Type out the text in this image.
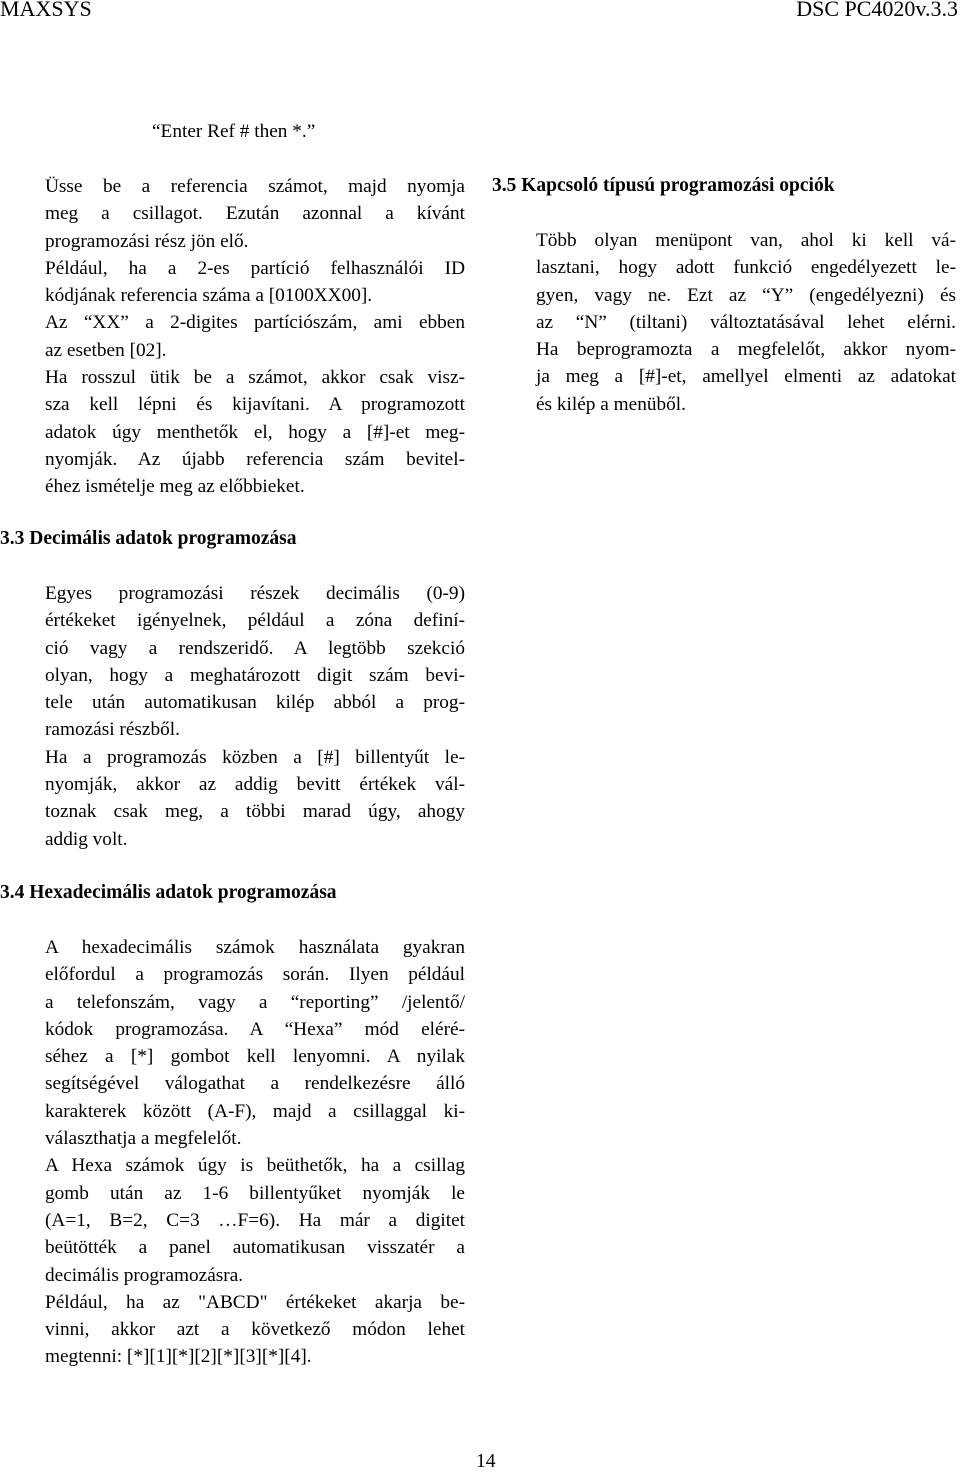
MAXSYS	DSC PC4020v.3.3
“Enter Ref # then *.”
Üsse be a referencia számot, majd nyomja
meg a csillagot. Ezután azonnal a kívánt
programozási rész jön elő.
Például, ha a 2-es partíció felhasználói ID
kódjának referencia száma a [0100XX00].
Az “XX” a 2-digites partíciószám, ami ebben
az esetben [02].
Ha rosszul ütik be a számot, akkor csak visz-
sza kell lépni és kijavítani. A programozott
adatok úgy menthetők el, hogy a [#]-et meg-
nyomják. Az újabb referencia szám bevitel-
éhez ismételje meg az előbbieket.
3.5 Kapcsoló típusú programozási opciók
Több olyan menüpont van, ahol ki kell vá-
lasztani, hogy adott funkció engedélyezett le-
gyen, vagy ne. Ezt az “Y” (engedélyezni) és
az “N” (tiltani) változtatásával lehet elérni.
Ha beprogramozta a megfelelőt, akkor nyom-
ja meg a [#]-et, amellyel elmenti az adatokat
és kilép a menüből.
3.3 Decimális adatok programozása
Egyes programozási részek decimális (0-9)
értékeket igényelnek, például a zóna definí-
ció vagy a rendszeridő. A legtöbb szekció
olyan, hogy a meghatározott digit szám bevi-
tele után automatikusan kilép abból a prog-
ramozási részből.
Ha a programozás közben a [#] billentyűt le-
nyomják, akkor az addig bevitt értékek vál-
toznak csak meg, a többi marad úgy, ahogy
addig volt.
3.4 Hexadecimális adatok programozása
A hexadecimális számok használata gyakran
előfordul a programozás során. Ilyen például
a telefonszám, vagy a “reporting” /jelentő/
kódok programozása. A “Hexa” mód eléré-
séhez a [*] gombot kell lenyomni. A nyilak
segítségével válogathat a rendelkezésre álló
karakterek között (A-F), majd a csillaggal ki-
választhatja a megfelelőt.
A Hexa számok úgy is beüthetők, ha a csillag
gomb után az 1-6 billentyűket nyomják le
(A=1, B=2, C=3 …F=6). Ha már a digitet
beütötték a panel automatikusan visszatér a
decimális programozásra.
Például, ha az "ABCD" értékeket akarja be-
vinni, akkor azt a következő módon lehet
megtenni: [*][1][*][2][*][3][*][4].
14
